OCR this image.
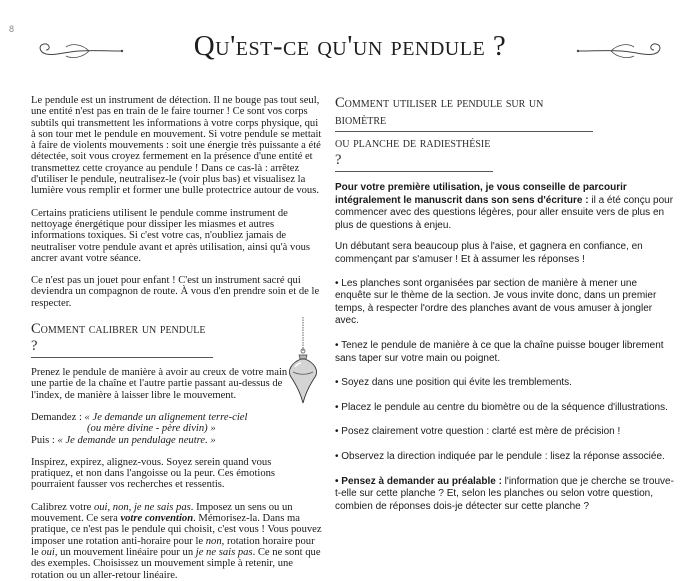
8
Qu'est-ce qu'un pendule ?

Le pendule est un instrument de détection. Il ne bouge pas tout seul, une entité n'est pas en train de le faire tourner ! Ce sont vos corps subtils qui transmettent les informations à votre corps physique, qui à son tour met le pendule en mouvement. Si votre pendule se mettait à faire de violents mouvements : soit une énergie très puissante a été détectée, soit vous croyez fermement en la présence d'une entité et transmettez cette croyance au pendule ! Dans ce cas-là : arrêtez d'utiliser le pendule, neutralisez-le (voir plus bas) et visualisez la lumière vous remplir et former une bulle protectrice autour de vous.

Certains praticiens utilisent le pendule comme instrument de nettoyage énergétique pour dissiper les miasmes et autres informations toxiques. Si c'est votre cas, n'oubliez jamais de neutraliser votre pendule avant et après utilisation, ainsi qu'à vous ancrer avant votre séance.

Ce n'est pas un jouet pour enfant ! C'est un instrument sacré qui deviendra un compagnon de route. À vous d'en prendre soin et de le respecter.

Comment calibrer un pendule ?

Prenez le pendule de manière à avoir au creux de votre main une partie de la chaîne et l'autre partie passant au-dessus de l'index, de manière à laisser libre le mouvement.

Demandez : « Je demande un alignement terre-ciel

(ou mère divine - père divin) »

Puis : « Je demande un pendulage neutre. »

Inspirez, expirez, alignez-vous. Soyez serein quand vous pratiquez, et non dans l'angoisse ou la peur. Ces émotions pourraient fausser vos recherches et ressentis.

Calibrez votre oui, non, je ne sais pas. Imposez un sens ou un mouvement. Ce sera votre convention. Mémorisez-la. Dans ma pratique, ce n'est pas le pendule qui choisit, c'est vous ! Vous pouvez imposer une rotation anti-horaire pour le non, rotation horaire pour le oui, un mouvement linéaire pour un je ne sais pas. Ce ne sont que des exemples. Choisissez un mouvement simple à retenir, une rotation ou un aller-retour linéaire.

Comment utiliser le pendule sur un biomètre
ou planche de radiesthésie ?

Pour votre première utilisation, je vous conseille de parcourir intégralement le manuscrit dans son sens d'écriture : il a été conçu pour commencer avec des questions légères, pour aller ensuite vers de plus en plus de questions à enjeu.

Un débutant sera beaucoup plus à l'aise, et gagnera en confiance, en commençant par s'amuser ! Et à assumer les réponses !

• Les planches sont organisées par section de manière à mener une enquête sur le thème de la section. Je vous invite donc, dans un premier temps, à respecter l'ordre des planches avant de vous amuser à jongler avec.

• Tenez le pendule de manière à ce que la chaîne puisse bouger librement sans taper sur votre main ou poignet.

• Soyez dans une position qui évite les tremblements.

• Placez le pendule au centre du biomètre ou de la séquence d'illustrations.

• Posez clairement votre question : clarté est mère de précision !

• Observez la direction indiquée par le pendule : lisez la réponse associée.

• Pensez à demander au préalable : l'information que je cherche se trouve-t-elle sur cette planche ? Et, selon les planches ou selon votre question, combien de réponses dois-je détecter sur cette planche ?
